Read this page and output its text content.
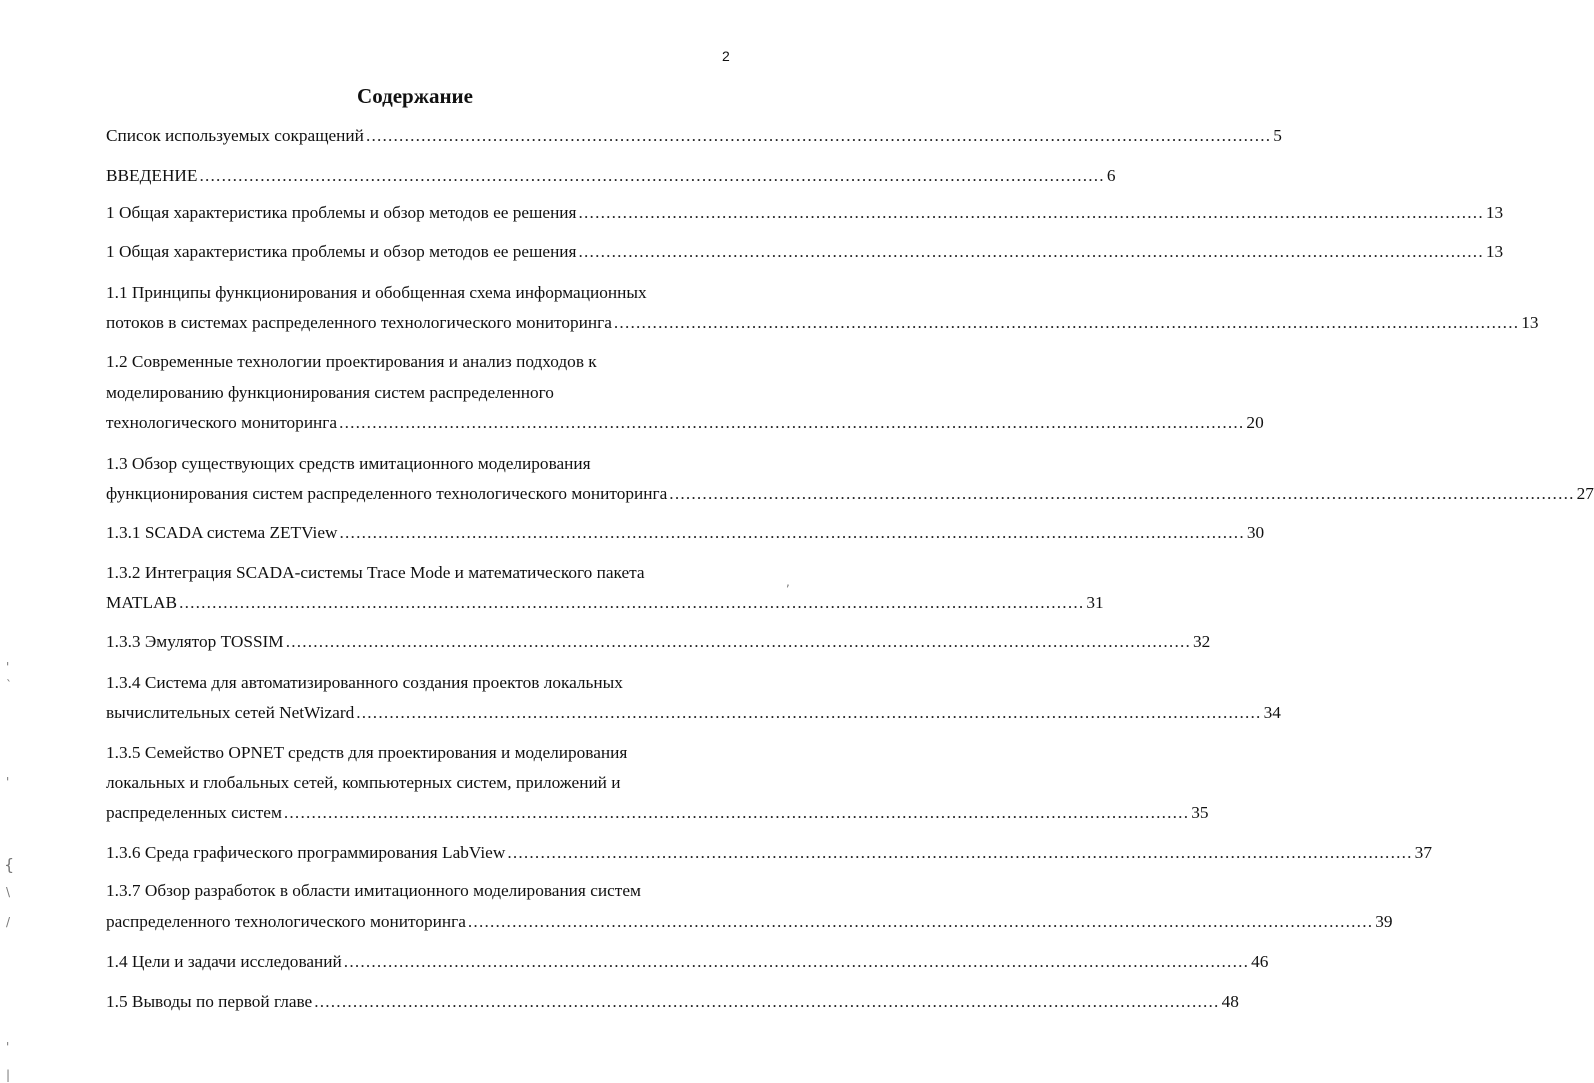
2
Содержание
Список используемых сокращений .................................................................................................................................................................... 5
ВВЕДЕНИЕ .................................................................................................................................................................... 6
1 Общая характеристика проблемы и обзор методов ее решения .................................................................................................................................................................... 13
1 Общая характеристика проблемы и обзор методов ее решения .................................................................................................................................................................... 13
1.1 Принципы функционирования и обобщенная схема информационных
потоков в системах распределенного технологического мониторинга .................................................................................................................................................................... 13
1.2 Современные технологии проектирования и анализ подходов к
моделированию функционирования систем распределенного
технологического мониторинга .................................................................................................................................................................... 20
1.3 Обзор существующих средств имитационного моделирования
функционирования систем распределенного технологического мониторинга .................................................................................................................................................................... 27
1.3.1 SCADA система ZETView .................................................................................................................................................................... 30
1.3.2 Интеграция SCADA-системы Trace Mode и математического пакета
MATLAB .................................................................................................................................................................... 31
1.3.3 Эмулятор TOSSIM .................................................................................................................................................................... 32
1.3.4 Система для автоматизированного создания проектов локальных
вычислительных сетей NetWizard .................................................................................................................................................................... 34
1.3.5 Семейство OPNET средств для проектирования и моделирования
локальных и глобальных сетей, компьютерных систем, приложений и
распределенных систем .................................................................................................................................................................... 35
1.3.6 Среда графического программирования LabView .................................................................................................................................................................... 37
1.3.7 Обзор разработок в области имитационного моделирования систем
распределенного технологического мониторинга .................................................................................................................................................................... 39
1.4 Цели и задачи исследований .................................................................................................................................................................... 46
1.5 Выводы по первой главе .................................................................................................................................................................... 48
'
`
'
{
\
/
'
|
,
